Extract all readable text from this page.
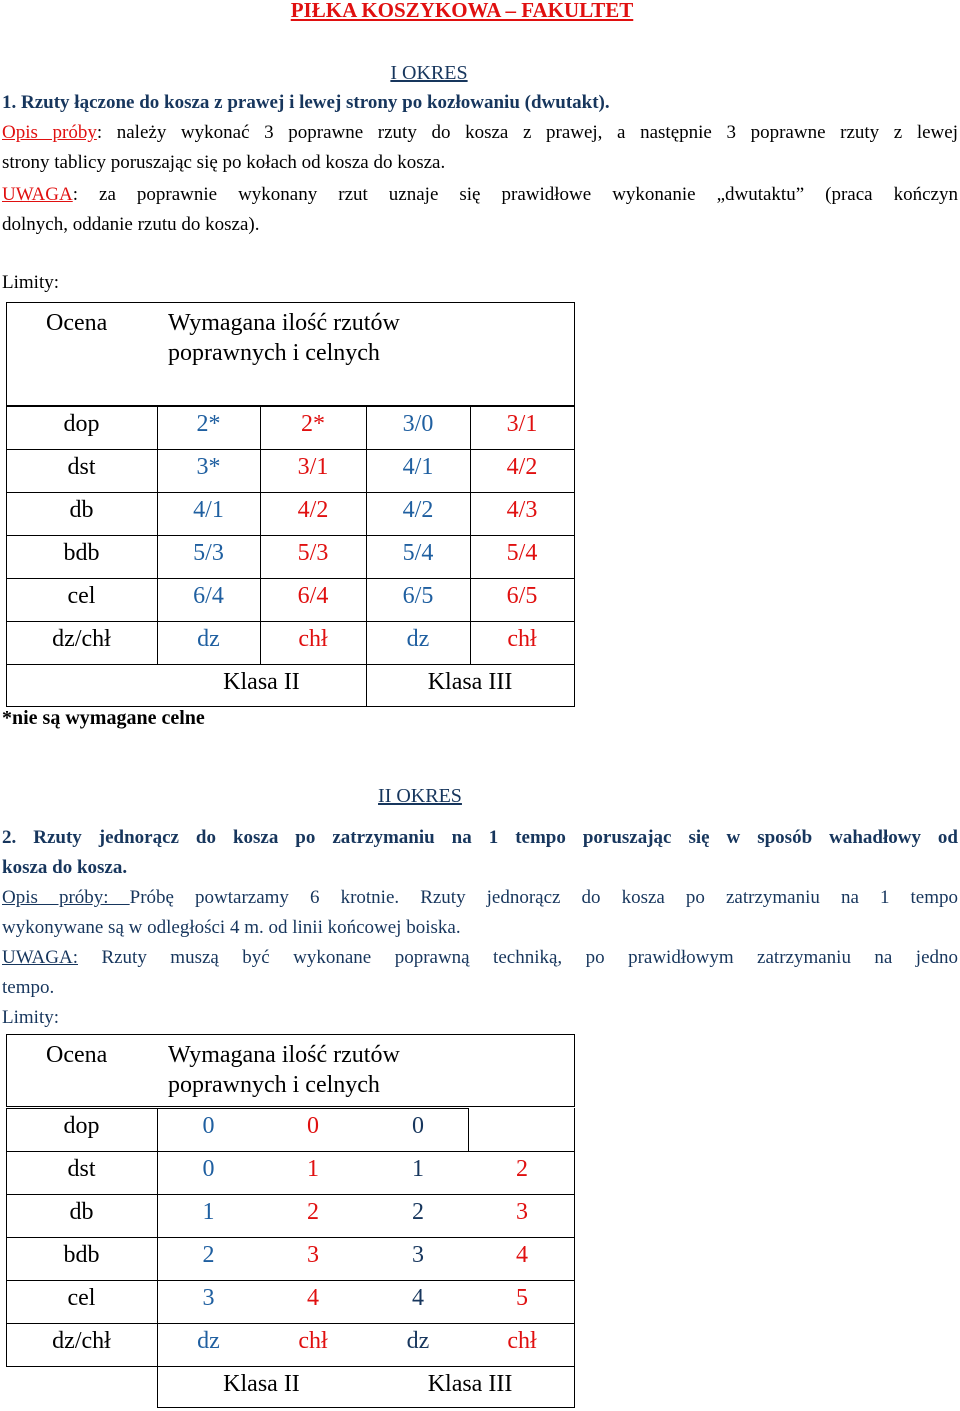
PIŁKA KOSZYKOWA – FAKULTET
I OKRES
1. Rzuty łączone do kosza z prawej i lewej strony po kozłowaniu (dwutakt).
Opis próby: należy wykonać 3 poprawne rzuty do kosza z prawej, a następnie 3 poprawne rzuty z lewej
strony tablicy poruszając się po kołach od kosza do kosza.
UWAGA: za poprawnie wykonany rzut uznaje się prawidłowe wykonanie „dwutaktu” (praca kończyn
dolnych, oddanie rzutu do kosza).
Limity:
Ocena	Wymagana ilość rzutów
poprawnych i celnych
dop	2*	2*	3/0	3/1
dst	3*	3/1	4/1	4/2
db	4/1	4/2	4/2	4/3
bdb	5/3	5/3	5/4	5/4
cel	6/4	6/4	6/5	6/5
dz/chł	dz	chł	dz	chł
Klasa II	Klasa III
*nie są wymagane celne
II OKRES
2. Rzuty jednorącz do kosza po zatrzymaniu na 1 tempo poruszając się w sposób wahadłowy od
kosza do kosza.
Opis próby: Próbę powtarzamy 6 krotnie. Rzuty jednorącz do kosza po zatrzymaniu na 1 tempo
wykonywane są w odległości 4 m. od linii końcowej boiska.
UWAGA: Rzuty muszą być wykonane poprawną techniką, po prawidłowym zatrzymaniu na jedno
tempo.
Limity:
Ocena	Wymagana ilość rzutów
poprawnych i celnych
dop	0	0	0
dst	0	1	1	2
db	1	2	2	3
bdb	2	3	3	4
cel	3	4	4	5
dz/chł	dz	chł	dz	chł
Klasa II	Klasa III
